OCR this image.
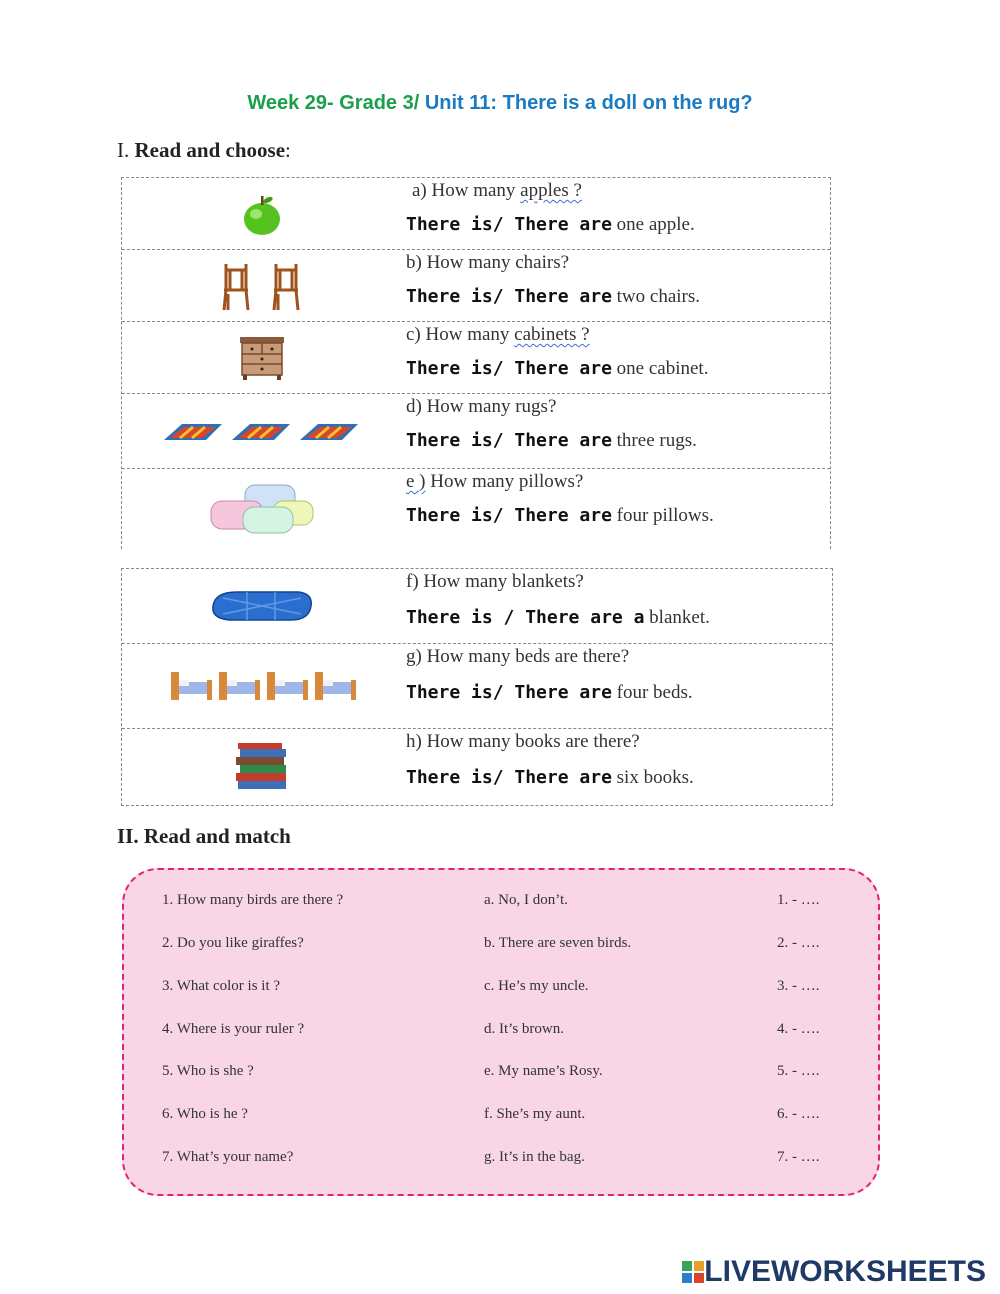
Week 29- Grade 3/ Unit 11: There is a doll on the rug?
I. Read and choose:
a) How many apples ?
There is/ There are one apple.
b) How many chairs?
There is/ There are two chairs.
c) How many cabinets ?
There is/ There are one cabinet.
d) How many rugs?
There is/ There are three rugs.
e ) How many pillows?
There is/ There are four pillows.
f) How many blankets?
There is / There are a blanket.
g) How many beds are there?
There is/ There are four beds.
h) How many books are there?
There is/ There are six books.
II. Read and match
1. How many birds are there ?	a. No, I don’t.	1. - ….
2. Do you like giraffes?	b. There are seven birds.	2. - ….
3. What color is it ?	c. He’s my uncle.	3. - ….
4. Where is your ruler ?	d. It’s brown.	4. - ….
5. Who is she ?	e. My name’s Rosy.	5. - ….
6. Who is he ?	f. She’s my aunt.	6. - ….
7. What’s your name?	g. It’s in the bag.	7. - ….
LIVEWORKSHEETS
